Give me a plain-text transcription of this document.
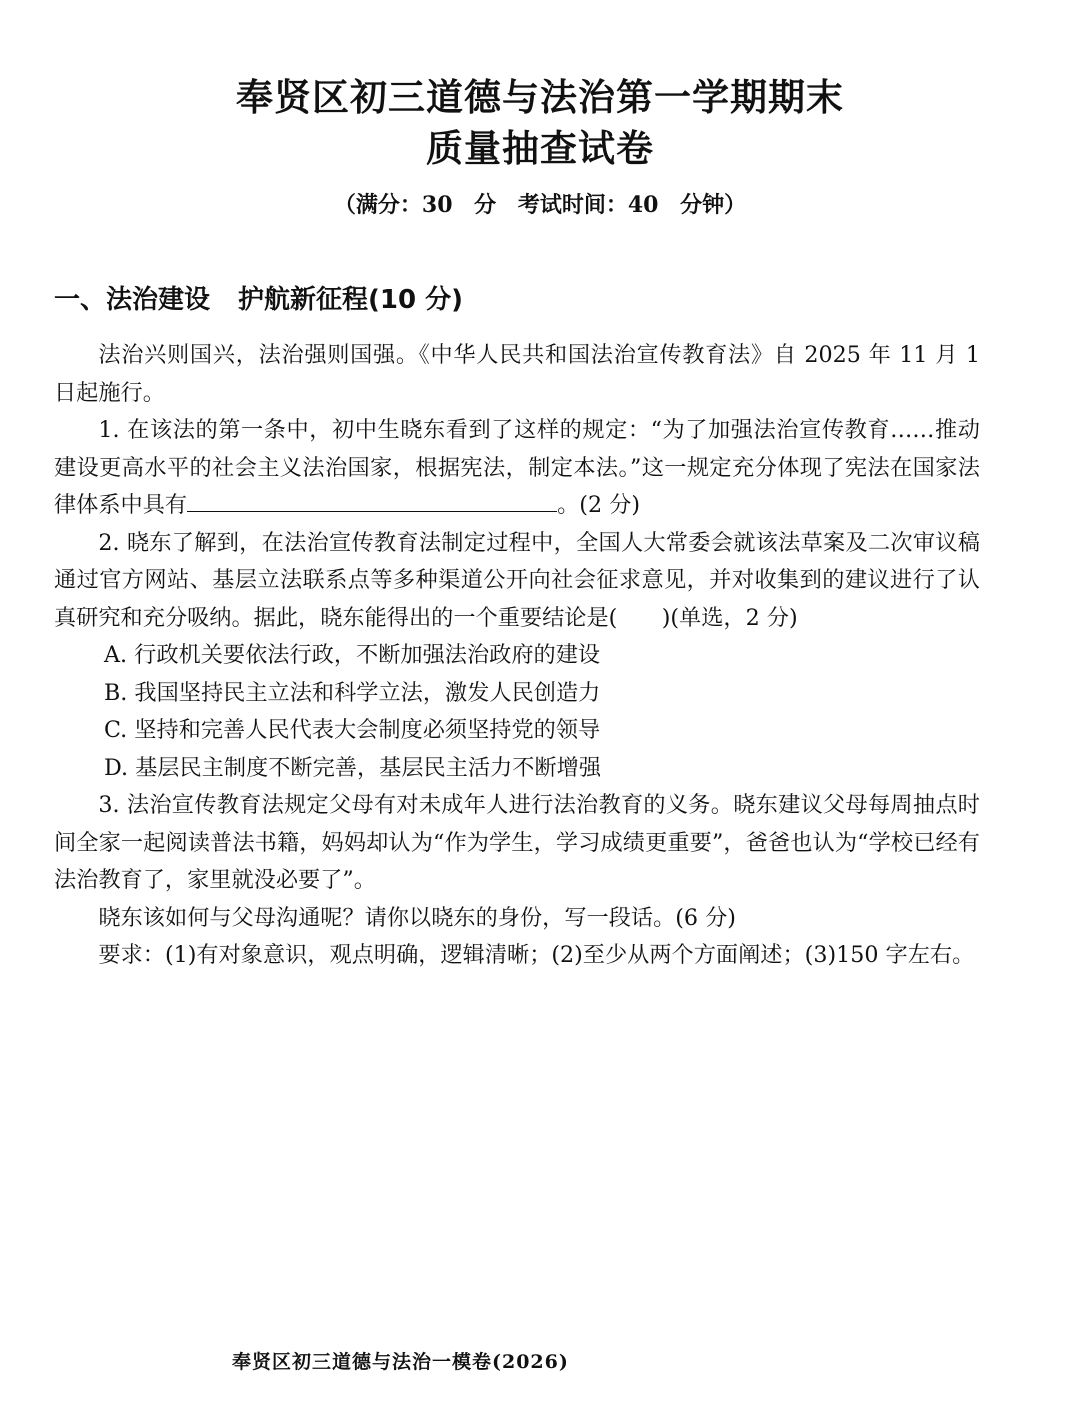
奉贤区初三道德与法治第一学期期末
质量抽查试卷
（满分：30 分 考试时间：40 分钟）
一、法治建设 护航新征程(10 分)

法治兴则国兴，法治强则国强。《中华人民共和国法治宣传教育法》自 2025 年 11 月 1 日起施行。

1. 在该法的第一条中，初中生晓东看到了这样的规定：“为了加强法治宣传教育……推动建设更高水平的社会主义法治国家，根据宪法，制定本法。”这一规定充分体现了宪法在国家法律体系中具有	。(2 分)

2. 晓东了解到，在法治宣传教育法制定过程中，全国人大常委会就该法草案及二次审议稿通过官方网站、基层立法联系点等多种渠道公开向社会征求意见，并对收集到的建议进行了认真研究和充分吸纳。据此，晓东能得出的一个重要结论是(　　)(单选，2 分)

A. 行政机关要依法行政，不断加强法治政府的建设

B. 我国坚持民主立法和科学立法，激发人民创造力

C. 坚持和完善人民代表大会制度必须坚持党的领导

D. 基层民主制度不断完善，基层民主活力不断增强

3. 法治宣传教育法规定父母有对未成年人进行法治教育的义务。晓东建议父母每周抽点时间全家一起阅读普法书籍，妈妈却认为“作为学生，学习成绩更重要”，爸爸也认为“学校已经有法治教育了，家里就没必要了”。

晓东该如何与父母沟通呢？请你以晓东的身份，写一段话。(6 分)

要求：(1)有对象意识，观点明确，逻辑清晰；(2)至少从两个方面阐述；(3)150 字左右。

奉贤区初三道德与法治一模卷(2026)
